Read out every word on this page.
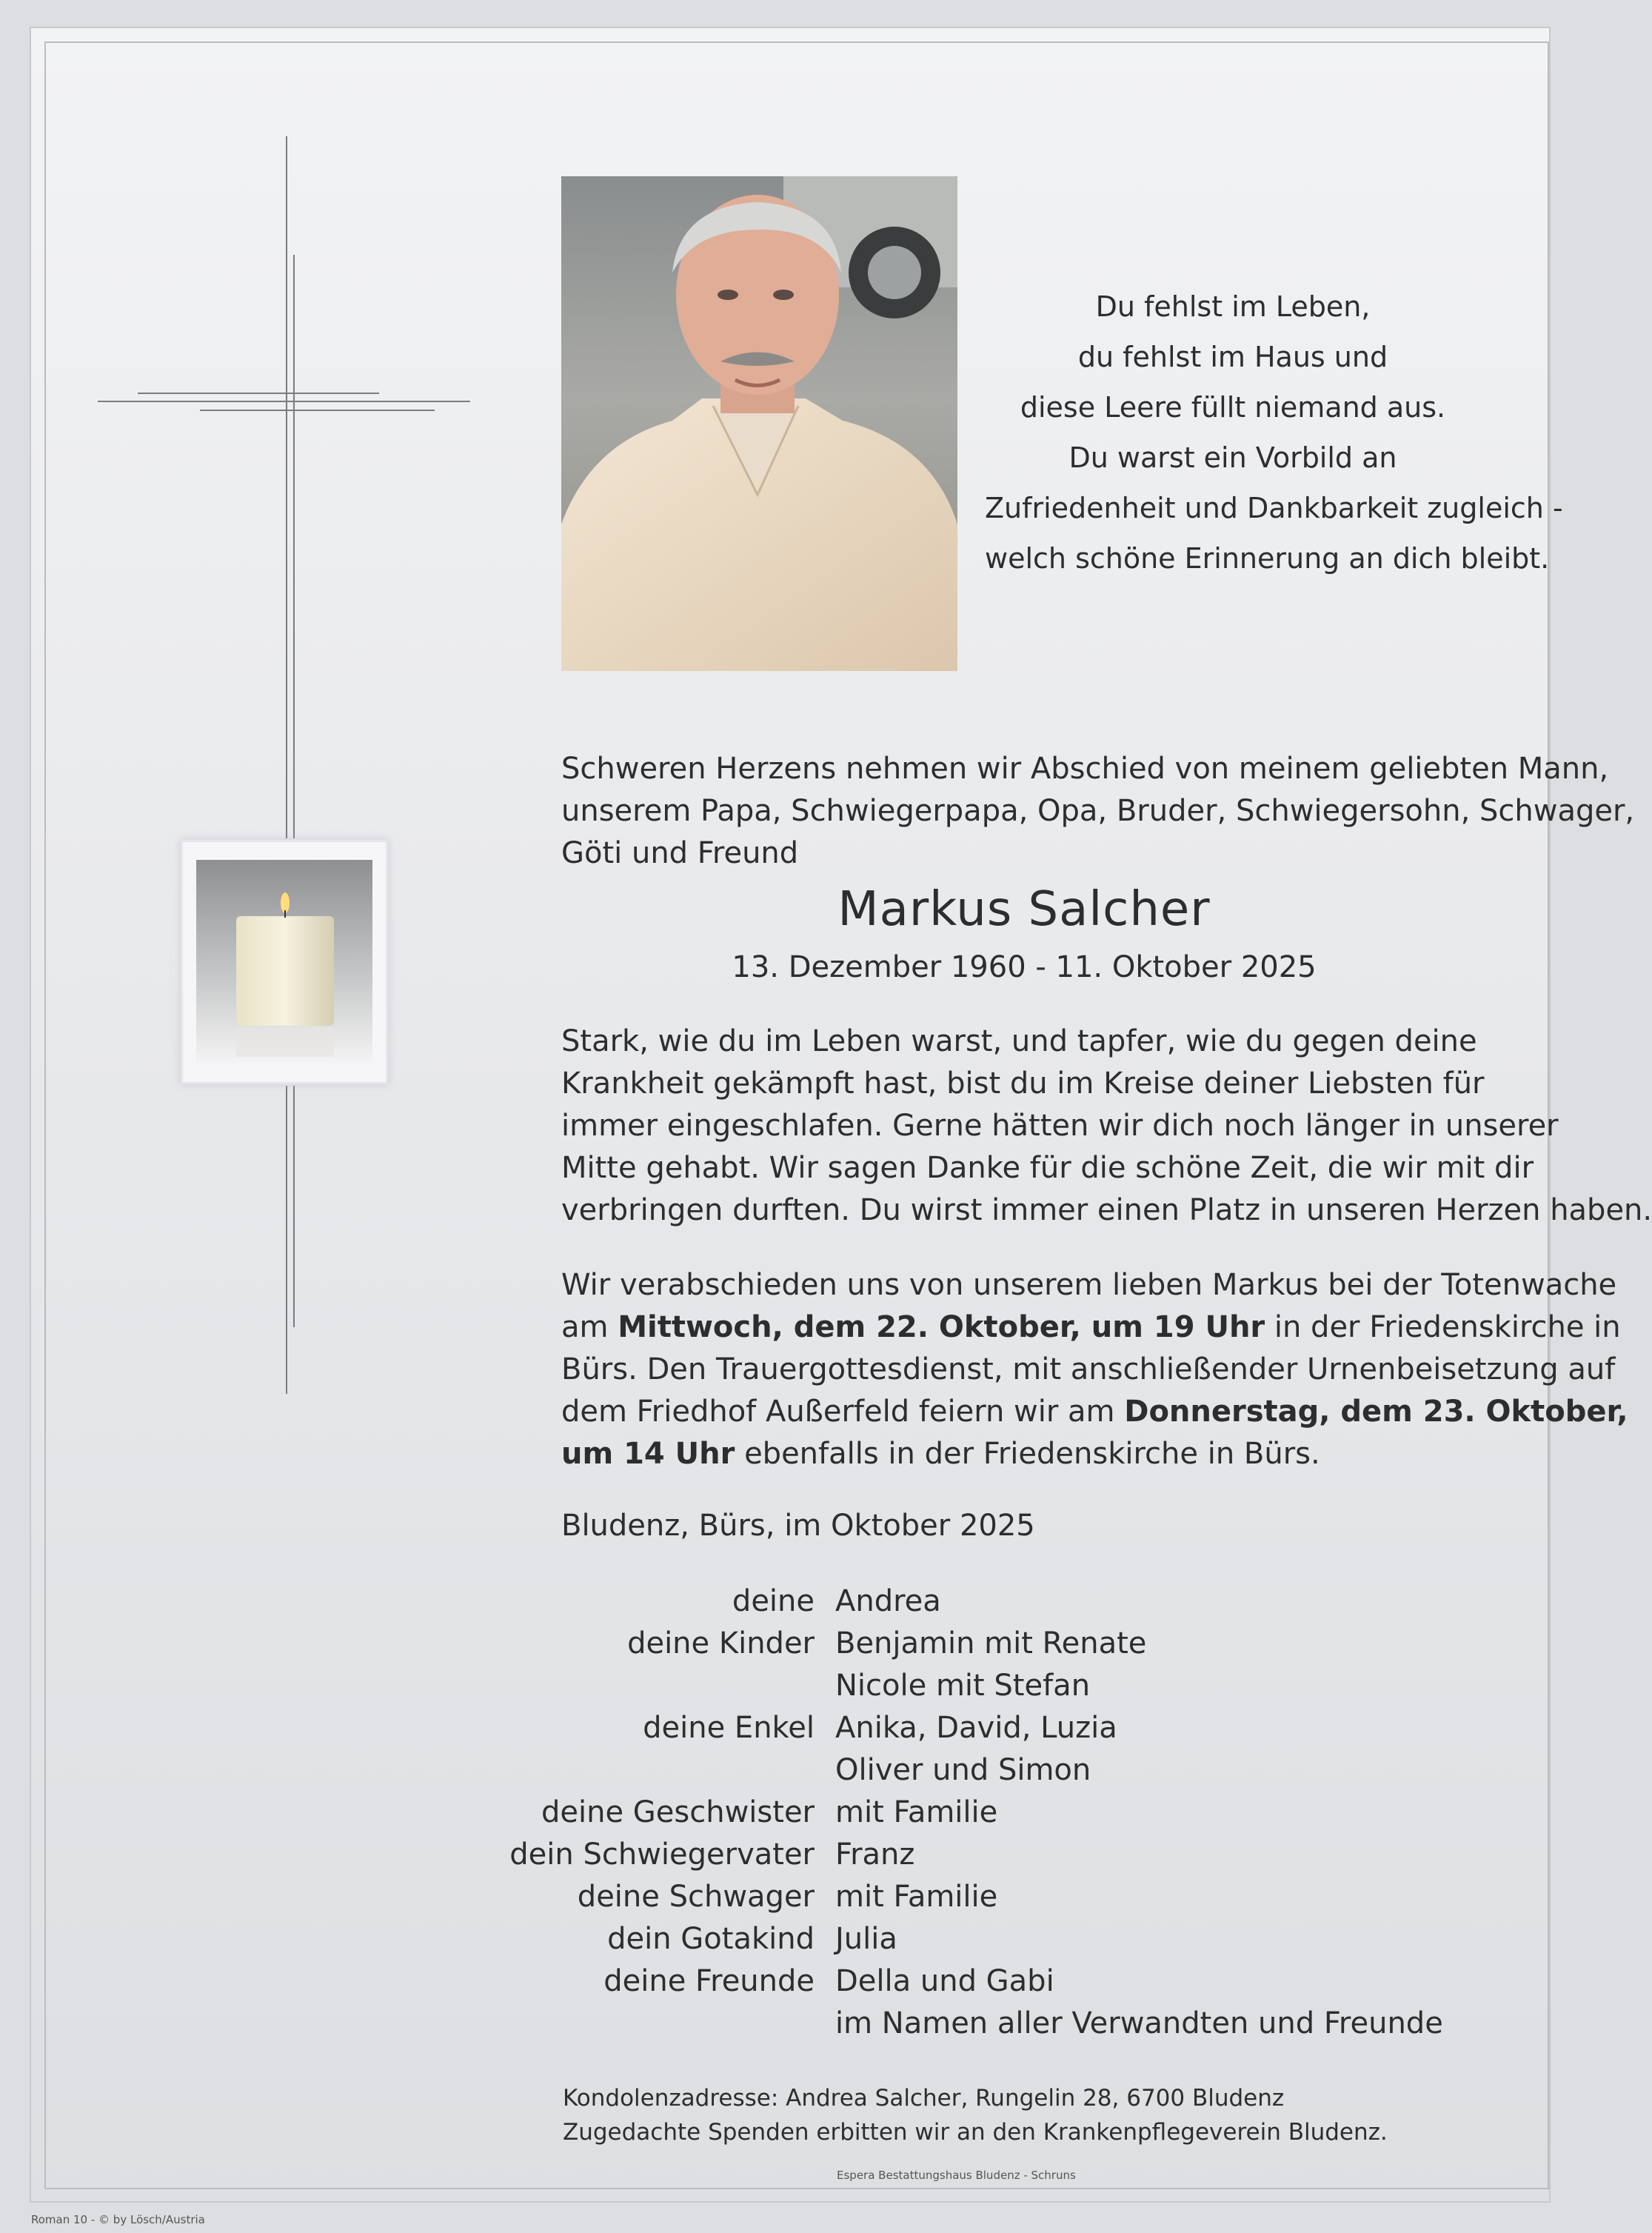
Du fehlst im Leben,
du fehlst im Haus und
diese Leere füllt niemand aus.
Du warst ein Vorbild an
Zufriedenheit und Dankbarkeit zugleich -
welch schöne Erinnerung an dich bleibt.
Schweren Herzens nehmen wir Abschied von meinem geliebten Mann,
unserem Papa, Schwiegerpapa, Opa, Bruder, Schwiegersohn, Schwager,
Göti und Freund
Markus Salcher
13. Dezember 1960 - 11. Oktober 2025
Stark, wie du im Leben warst, und tapfer, wie du gegen deine
Krankheit gekämpft hast, bist du im Kreise deiner Liebsten für
immer eingeschlafen. Gerne hätten wir dich noch länger in unserer
Mitte gehabt. Wir sagen Danke für die schöne Zeit, die wir mit dir
verbringen durften. Du wirst immer einen Platz in unseren Herzen haben.
Wir verabschieden uns von unserem lieben Markus bei der Totenwache
am Mittwoch, dem 22. Oktober, um 19 Uhr in der Friedenskirche in
Bürs. Den Trauergottesdienst, mit anschließender Urnenbeisetzung auf
dem Friedhof Außerfeld feiern wir am Donnerstag, dem 23. Oktober,
um 14 Uhr ebenfalls in der Friedenskirche in Bürs.
Bludenz, Bürs, im Oktober 2025
deine Andrea
deine Kinder Benjamin mit Renate
Nicole mit Stefan
deine Enkel Anika, David, Luzia
Oliver und Simon
deine Geschwister mit Familie
dein Schwiegervater Franz
deine Schwager mit Familie
dein Gotakind Julia
deine Freunde Della und Gabi
im Namen aller Verwandten und Freunde
Kondolenzadresse: Andrea Salcher, Rungelin 28, 6700 Bludenz
Zugedachte Spenden erbitten wir an den Krankenpflegeverein Bludenz.
Espera Bestattungshaus Bludenz - Schruns
Roman 10 - © by Lösch/Austria
